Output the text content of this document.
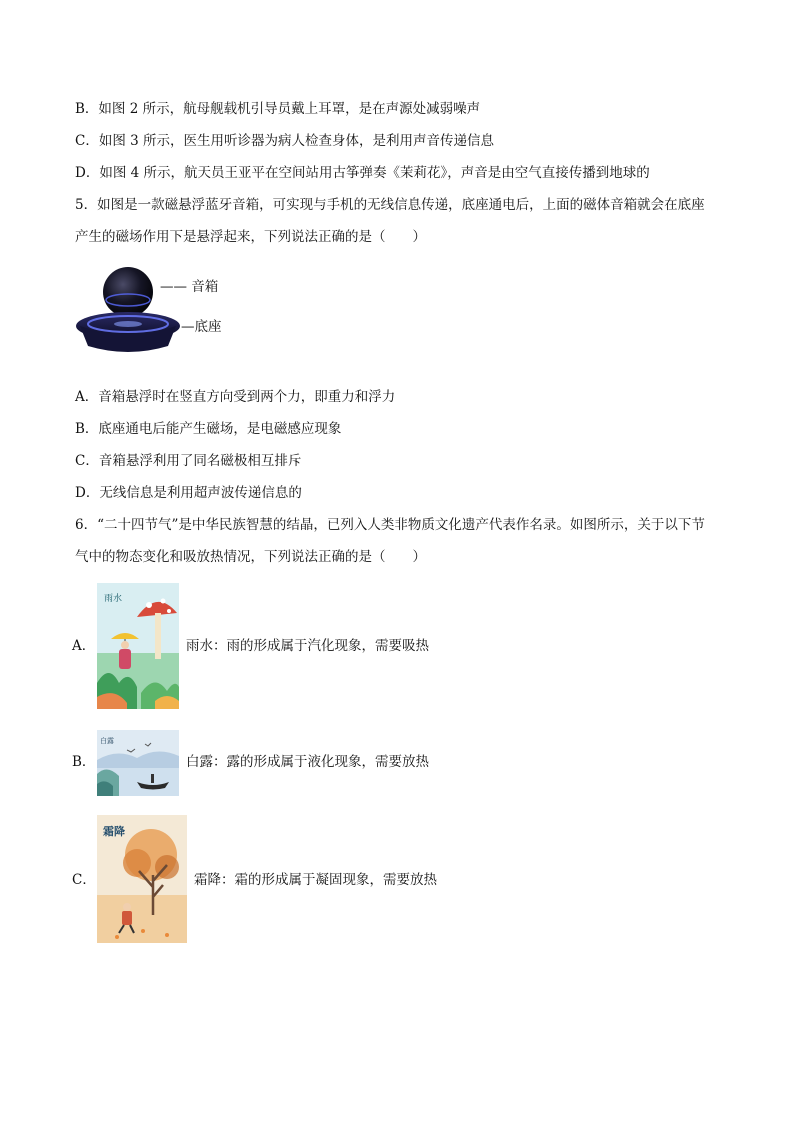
B．如图 2 所示，航母舰载机引导员戴上耳罩，是在声源处减弱噪声
C．如图 3 所示，医生用听诊器为病人检查身体，是利用声音传递信息
D．如图 4 所示，航天员王亚平在空间站用古筝弹奏《茉莉花》，声音是由空气直接传播到地球的
5．如图是一款磁悬浮蓝牙音箱，可实现与手机的无线信息传递，底座通电后，上面的磁体音箱就会在底座
产生的磁场作用下是悬浮起来，下列说法正确的是（　　）
—— 音箱
—底座
A．音箱悬浮时在竖直方向受到两个力，即重力和浮力
B．底座通电后能产生磁场，是电磁感应现象
C．音箱悬浮利用了同名磁极相互排斥
D．无线信息是利用超声波传递信息的
6．“二十四节气”是中华民族智慧的结晶，已列入人类非物质文化遗产代表作名录。如图所示，关于以下节
气中的物态变化和吸放热情况，下列说法正确的是（　　）
A．
雨水
雨水：雨的形成属于汽化现象，需要吸热
B．
白露
白露：露的形成属于液化现象，需要放热
C．
霜降
霜降：霜的形成属于凝固现象，需要放热
